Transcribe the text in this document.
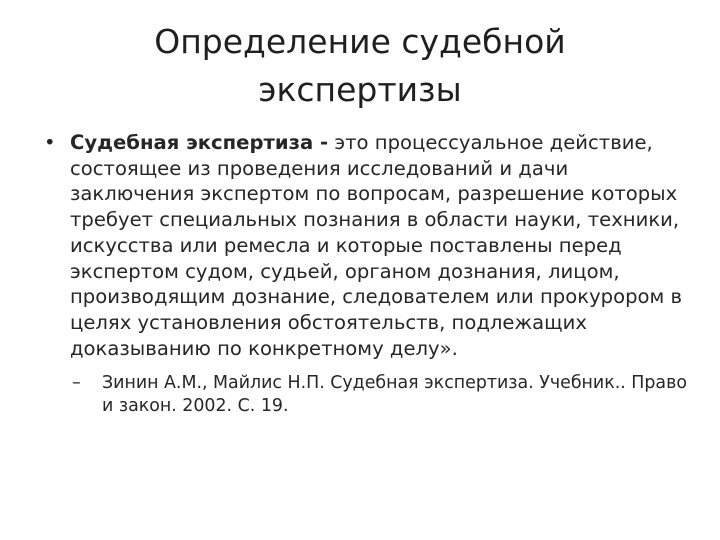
Определение судебной
экспертизы
• Судебная экспертиза - это процессуальное действие, состоящее из проведения исследований и дачи заключения экспертом по вопросам, разрешение которых требует специальных познания в области науки, техники, искусства или ремесла и которые поставлены перед экспертом судом, судьей, органом дознания, лицом, производящим дознание, следователем или прокурором в целях установления обстоятельств, подлежащих доказыванию по конкретному делу».
–	Зинин А.М., Майлис Н.П. Судебная экспертиза. Учебник.. Право и закон. 2002. С. 19.
